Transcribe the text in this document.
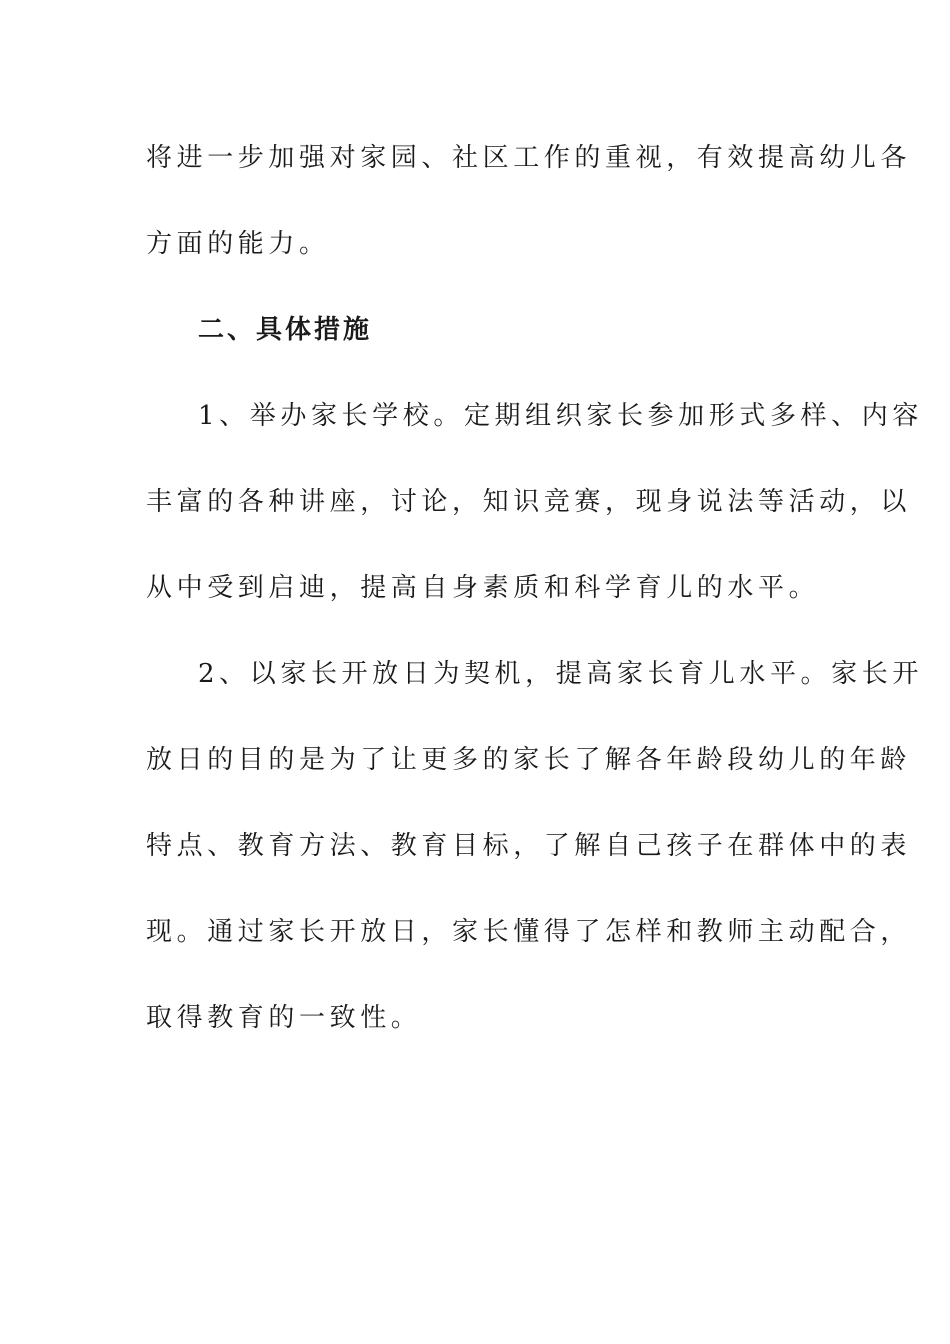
将进一步加强对家园、社区工作的重视，有效提高幼儿各
方面的能力。
二、具体措施
1、举办家长学校。定期组织家长参加形式多样、内容
丰富的各种讲座，讨论，知识竞赛，现身说法等活动，以
从中受到启迪，提高自身素质和科学育儿的水平。
2、以家长开放日为契机，提高家长育儿水平。家长开
放日的目的是为了让更多的家长了解各年龄段幼儿的年龄
特点、教育方法、教育目标，了解自己孩子在群体中的表
现。通过家长开放日，家长懂得了怎样和教师主动配合，
取得教育的一致性。
